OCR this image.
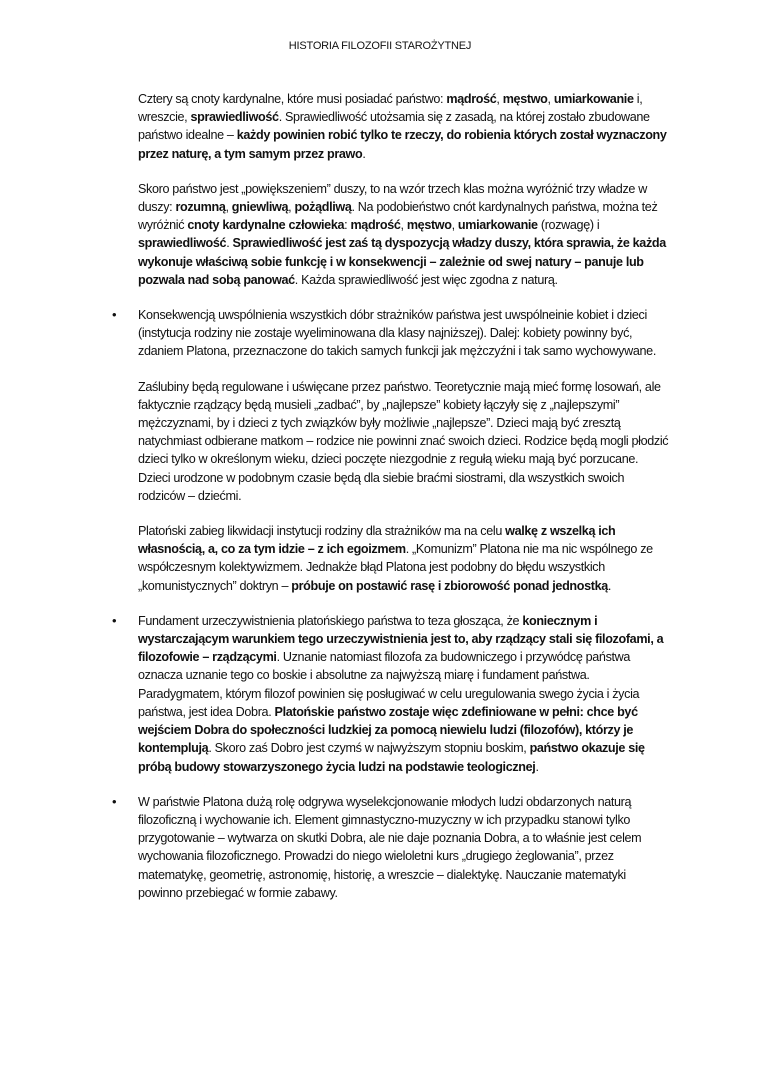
HISTORIA FILOZOFII STAROŻYTNEJ

Cztery są cnoty kardynalne, które musi posiadać państwo: mądrość, męstwo, umiarkowanie i, wreszcie, sprawiedliwość. Sprawiedliwość utożsamia się z zasadą, na której zostało zbudowane państwo idealne – każdy powinien robić tylko te rzeczy, do robienia których został wyznaczony przez naturę, a tym samym przez prawo.

Skoro państwo jest „powiększeniem” duszy, to na wzór trzech klas można wyróżnić trzy władze w duszy: rozumną, gniewliwą, pożądliwą. Na podobieństwo cnót kardynalnych państwa, można też wyróżnić cnoty kardynalne człowieka: mądrość, męstwo, umiarkowanie (rozwagę) i sprawiedliwość. Sprawiedliwość jest zaś tą dyspozycją władzy duszy, która sprawia, że każda wykonuje właściwą sobie funkcję i w konsekwencji – zależnie od swej natury – panuje lub pozwala nad sobą panować. Każda sprawiedliwość jest więc zgodna z naturą.

• Konsekwencją uwspólnienia wszystkich dóbr strażników państwa jest uwspólneinie kobiet i dzieci (instytucja rodziny nie zostaje wyeliminowana dla klasy najniższej). Dalej: kobiety powinny być, zdaniem Platona, przeznaczone do takich samych funkcji jak mężczyźni i tak samo wychowywane.

Zaślubiny będą regulowane i uświęcane przez państwo. Teoretycznie mają mieć formę losowań, ale faktycznie rządzący będą musieli „zadbać”, by „najlepsze” kobiety łączyły się z „najlepszymi” mężczyznami, by i dzieci z tych związków były możliwie „najlepsze”. Dzieci mają być zresztą natychmiast odbierane matkom – rodzice nie powinni znać swoich dzieci. Rodzice będą mogli płodzić dzieci tylko w określonym wieku, dzieci poczęte niezgodnie z regułą wieku mają być porzucane. Dzieci urodzone w podobnym czasie będą dla siebie braćmi siostrami, dla wszystkich swoich rodziców – dziećmi.

Platoński zabieg likwidacji instytucji rodziny dla strażników ma na celu walkę z wszelką ich własnością, a, co za tym idzie – z ich egoizmem. „Komunizm” Platona nie ma nic wspólnego ze współczesnym kolektywizmem. Jednakże błąd Platona jest podobny do błędu wszystkich „komunistycznych” doktryn – próbuje on postawić rasę i zbiorowość ponad jednostką.

• Fundament urzeczywistnienia platońskiego państwa to teza głosząca, że koniecznym i wystarczającym warunkiem tego urzeczywistnienia jest to, aby rządzący stali się filozofami, a filozofowie – rządzącymi. Uznanie natomiast filozofa za budowniczego i przywódcę państwa oznacza uznanie tego co boskie i absolutne za najwyższą miarę i fundament państwa. Paradygmatem, którym filozof powinien się posługiwać w celu uregulowania swego życia i życia państwa, jest idea Dobra. Platońskie państwo zostaje więc zdefiniowane w pełni: chce być wejściem Dobra do społeczności ludzkiej za pomocą niewielu ludzi (filozofów), którzy je kontemplują. Skoro zaś Dobro jest czymś w najwyższym stopniu boskim, państwo okazuje się próbą budowy stowarzyszonego życia ludzi na podstawie teologicznej.

• W państwie Platona dużą rolę odgrywa wyselekcjonowanie młodych ludzi obdarzonych naturą filozoficzną i wychowanie ich. Element gimnastyczno-muzyczny w ich przypadku stanowi tylko przygotowanie – wytwarza on skutki Dobra, ale nie daje poznania Dobra, a to właśnie jest celem wychowania filozoficznego. Prowadzi do niego wieloletni kurs „drugiego żeglowania”, przez matematykę, geometrię, astronomię, historię, a wreszcie – dialektykę. Nauczanie matematyki powinno przebiegać w formie zabawy.
